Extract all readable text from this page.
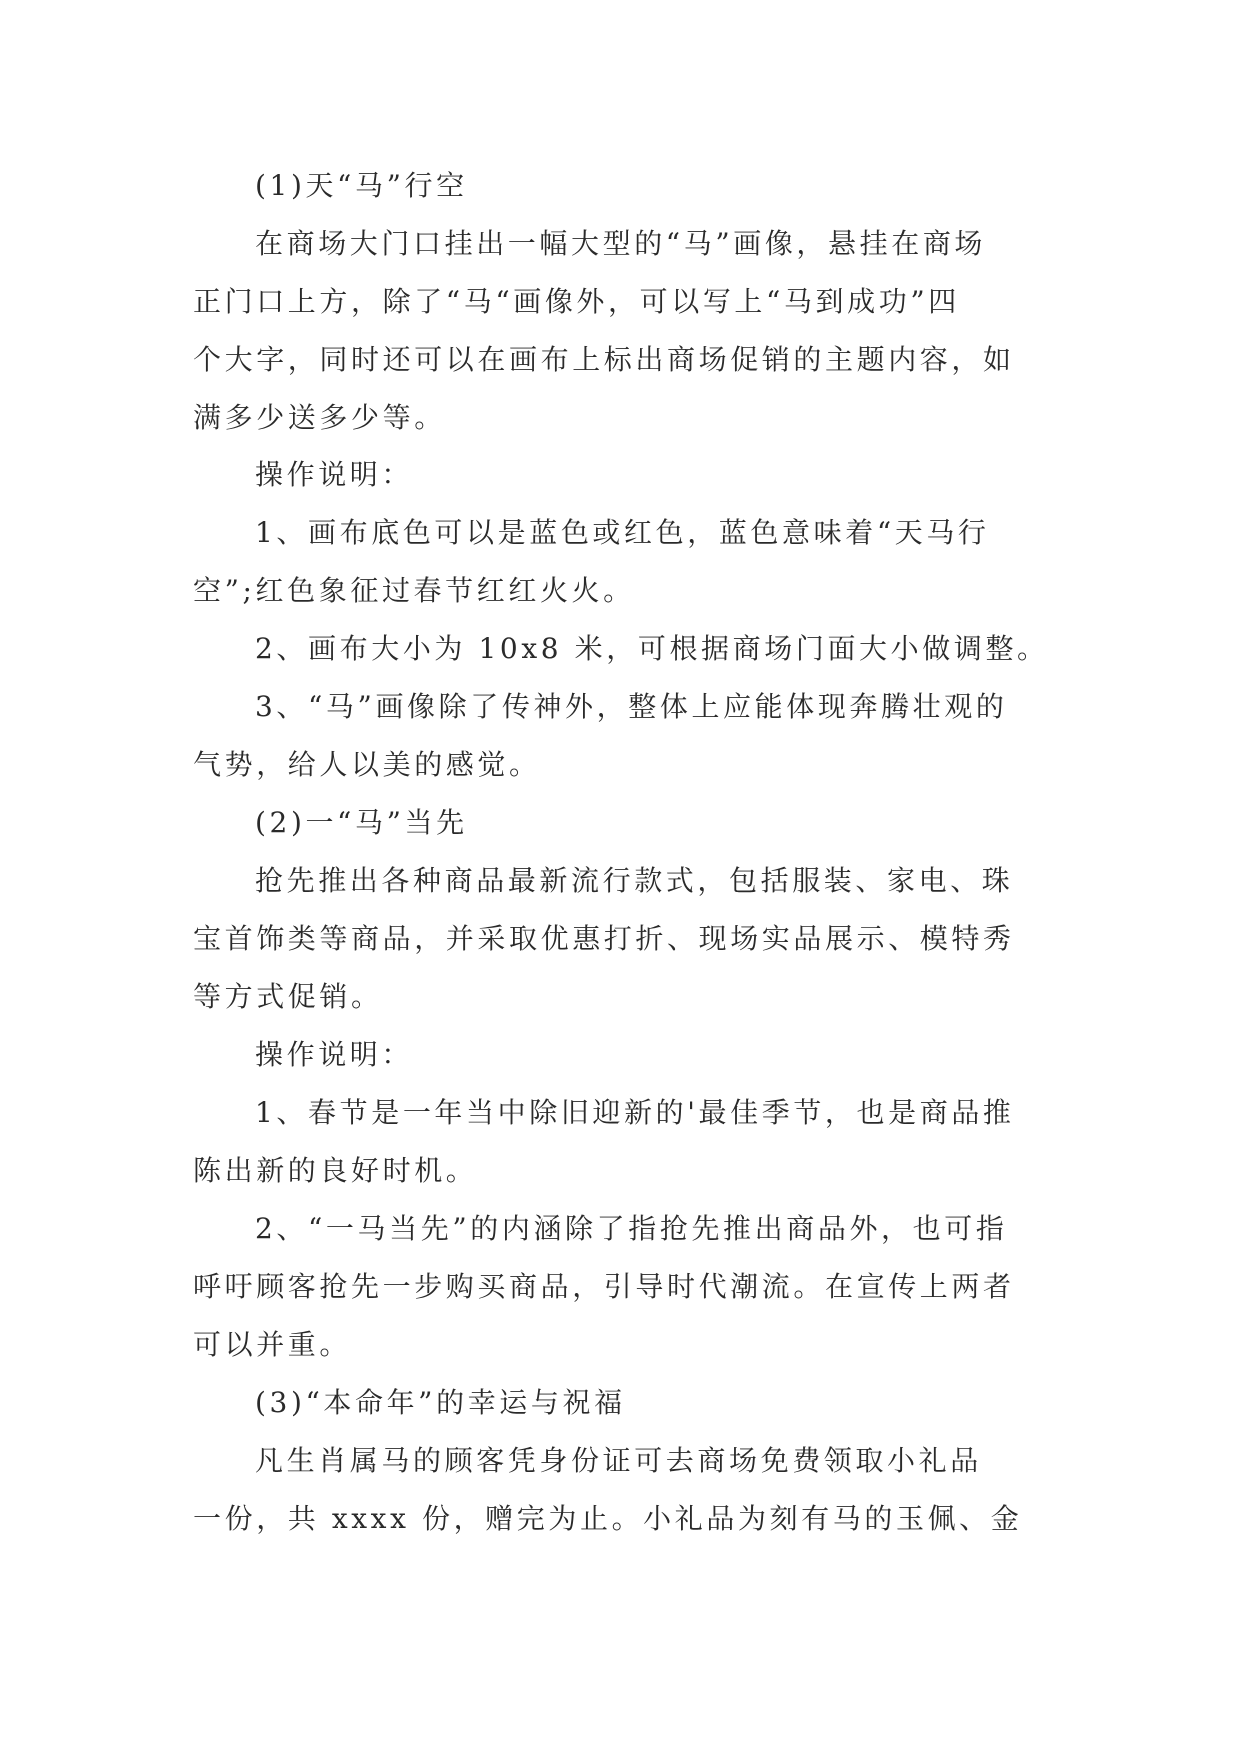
(1)天“马”行空
在商场大门口挂出一幅大型的“马”画像，悬挂在商场
正门口上方，除了“马“画像外，可以写上“马到成功”四
个大字，同时还可以在画布上标出商场促销的主题内容，如
满多少送多少等。
操作说明：
1、画布底色可以是蓝色或红色，蓝色意味着“天马行
空”;红色象征过春节红红火火。
2、画布大小为 10x8 米，可根据商场门面大小做调整。
3、“马”画像除了传神外，整体上应能体现奔腾壮观的
气势，给人以美的感觉。
(2)一“马”当先
抢先推出各种商品最新流行款式，包括服装、家电、珠
宝首饰类等商品，并采取优惠打折、现场实品展示、模特秀
等方式促销。
操作说明：
1、春节是一年当中除旧迎新的'最佳季节，也是商品推
陈出新的良好时机。
2、“一马当先”的内涵除了指抢先推出商品外，也可指
呼吁顾客抢先一步购买商品，引导时代潮流。在宣传上两者
可以并重。
(3)“本命年”的幸运与祝福
凡生肖属马的顾客凭身份证可去商场免费领取小礼品
一份，共 xxxx 份，赠完为止。小礼品为刻有马的玉佩、金
